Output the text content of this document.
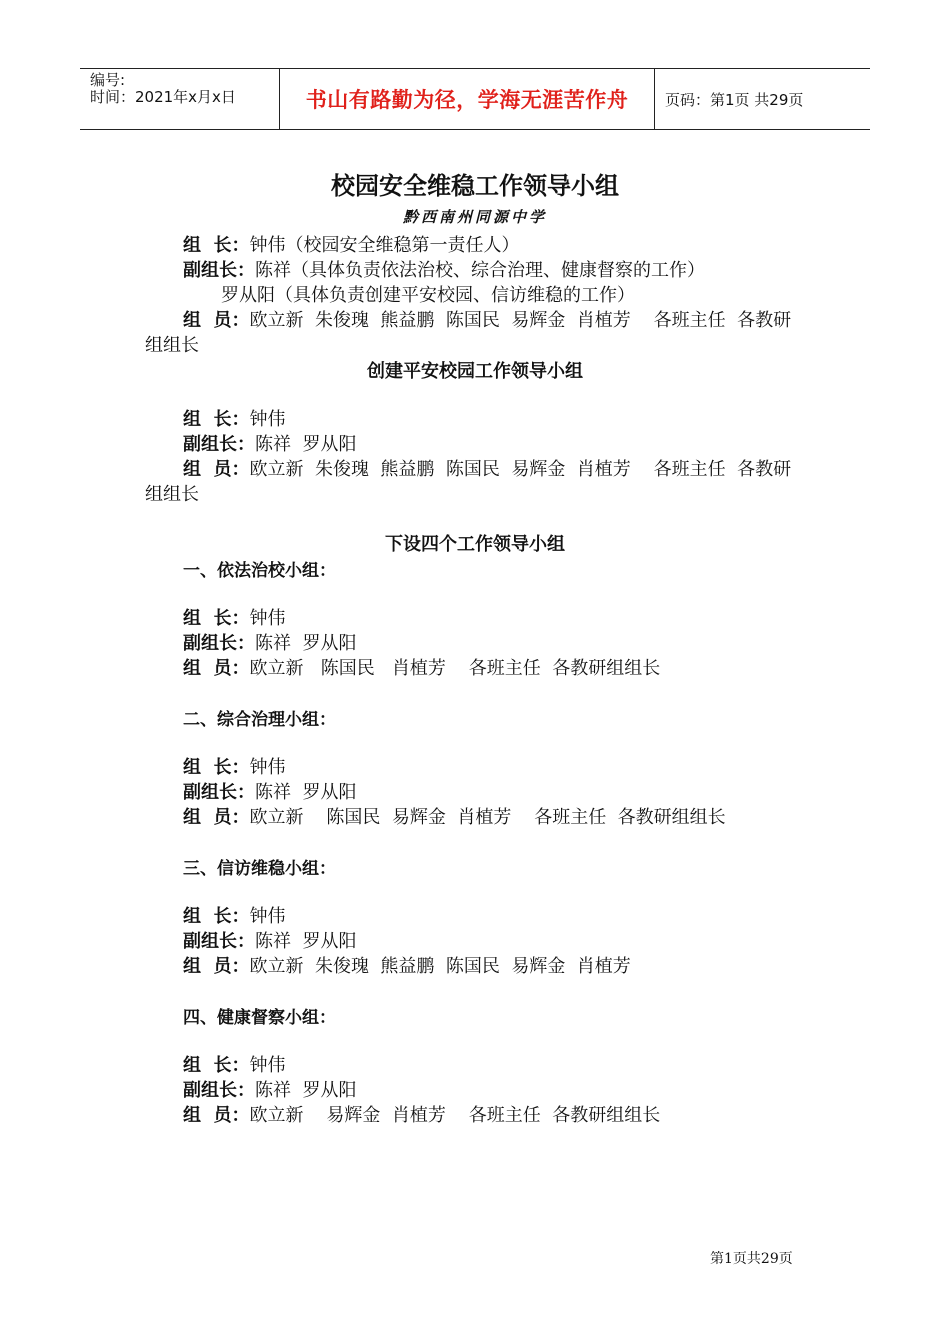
编号:
时间：2021年x月x日	书山有路勤为径，学海无涯苦作舟	页码：第1页 共29页
校园安全维稳工作领导小组
黔西南州同源中学
组  长：钟伟（校园安全维稳第一责任人）
副组长：陈祥（具体负责依法治校、综合治理、健康督察的工作）
罗从阳（具体负责创建平安校园、信访维稳的工作）
组  员：欧立新  朱俊瑰  熊益鹏  陈国民  易辉金  肖植芳    各班主任  各教研
组组长
创建平安校园工作领导小组
组  长：钟伟
副组长：陈祥  罗从阳
组  员：欧立新  朱俊瑰  熊益鹏  陈国民  易辉金  肖植芳    各班主任  各教研
组组长
下设四个工作领导小组
一、依法治校小组：
组  长：钟伟
副组长：陈祥  罗从阳
组  员：欧立新   陈国民   肖植芳    各班主任  各教研组组长
二、综合治理小组：
组  长：钟伟
副组长：陈祥  罗从阳
组  员：欧立新    陈国民  易辉金  肖植芳    各班主任  各教研组组长
三、信访维稳小组：
组  长：钟伟
副组长：陈祥  罗从阳
组  员：欧立新  朱俊瑰  熊益鹏  陈国民  易辉金  肖植芳
四、健康督察小组：
组  长：钟伟
副组长：陈祥  罗从阳
组  员：欧立新    易辉金  肖植芳    各班主任  各教研组组长
第1页共29页
